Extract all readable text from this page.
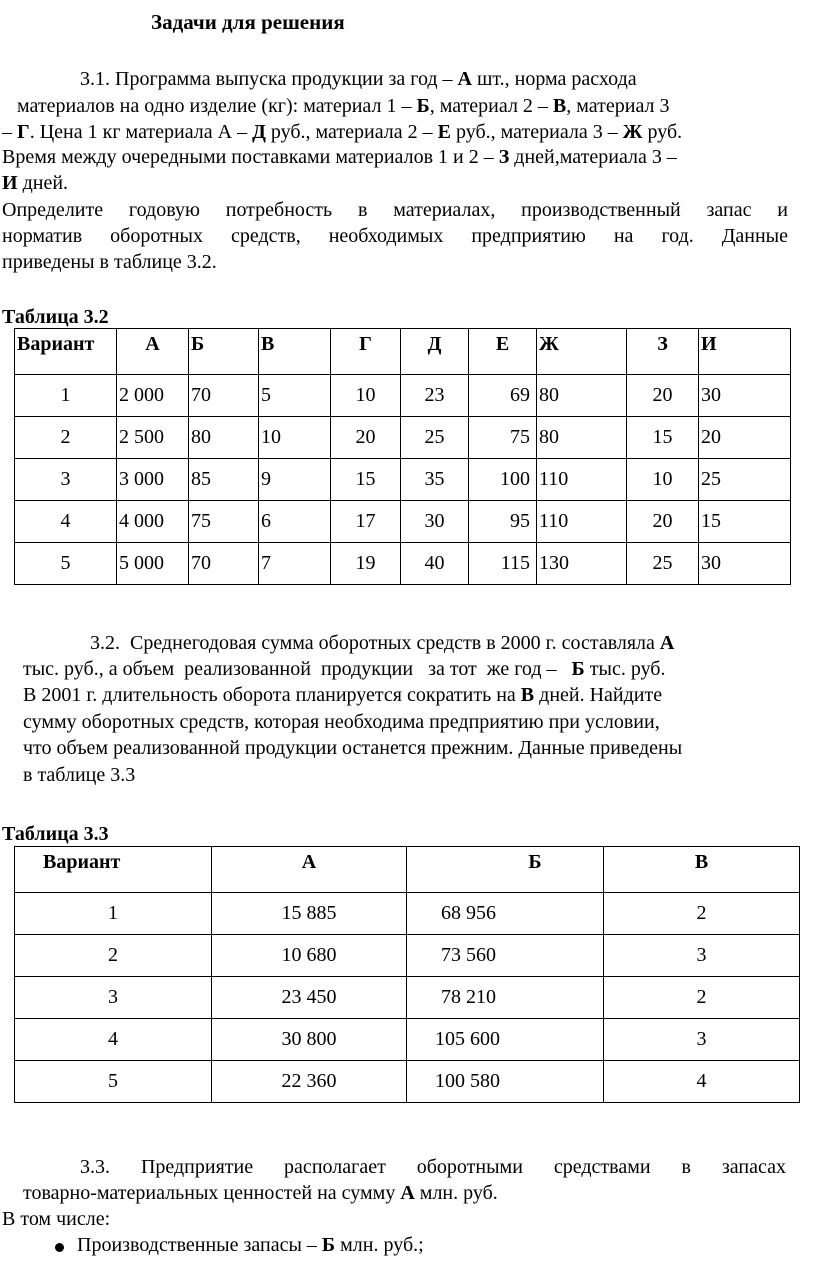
Задачи для решения
3.1. Программа выпуска продукции за год – А шт., норма расхода
материалов на одно изделие (кг): материал 1 – Б, материал 2 – В, материал 3
– Г. Цена 1 кг материала А – Д руб., материала 2 – Е руб., материала 3 – Ж руб.
Время между очередными поставками материалов 1 и 2 – З дней,материала 3 –
И дней.
Определите годовую потребность в материалах, производственный запас и
норматив оборотных средств, необходимых предприятию на год. Данные
приведены в таблице 3.2.
Таблица 3.2
Вариант	А	Б	В	Г	Д	Е	Ж	З	И
1	2 000	70	5	10	23	69	80	20	30
2	2 500	80	10	20	25	75	80	15	20
3	3 000	85	9	15	35	100	110	10	25
4	4 000	75	6	17	30	95	110	20	15
5	5 000	70	7	19	40	115	130	25	30
3.2.  Среднегодовая сумма оборотных средств в 2000 г. составляла А
тыс. руб., а объем  реализованной  продукции   за тот  же год –   Б тыс. руб.
В 2001 г. длительность оборота планируется сократить на В дней. Найдите
сумму оборотных средств, которая необходима предприятию при условии,
что объем реализованной продукции останется прежним. Данные приведены
в таблице 3.3
Таблица 3.3
Вариант	А	Б	В
1	15 885	68 956	2
2	10 680	73 560	3
3	23 450	78 210	2
4	30 800	105 600	3
5	22 360	100 580	4
3.3. Предприятие располагает оборотными средствами в запасах
товарно-материальных ценностей на сумму А млн. руб.
В том числе:
Производственные запасы – Б млн. руб.;
